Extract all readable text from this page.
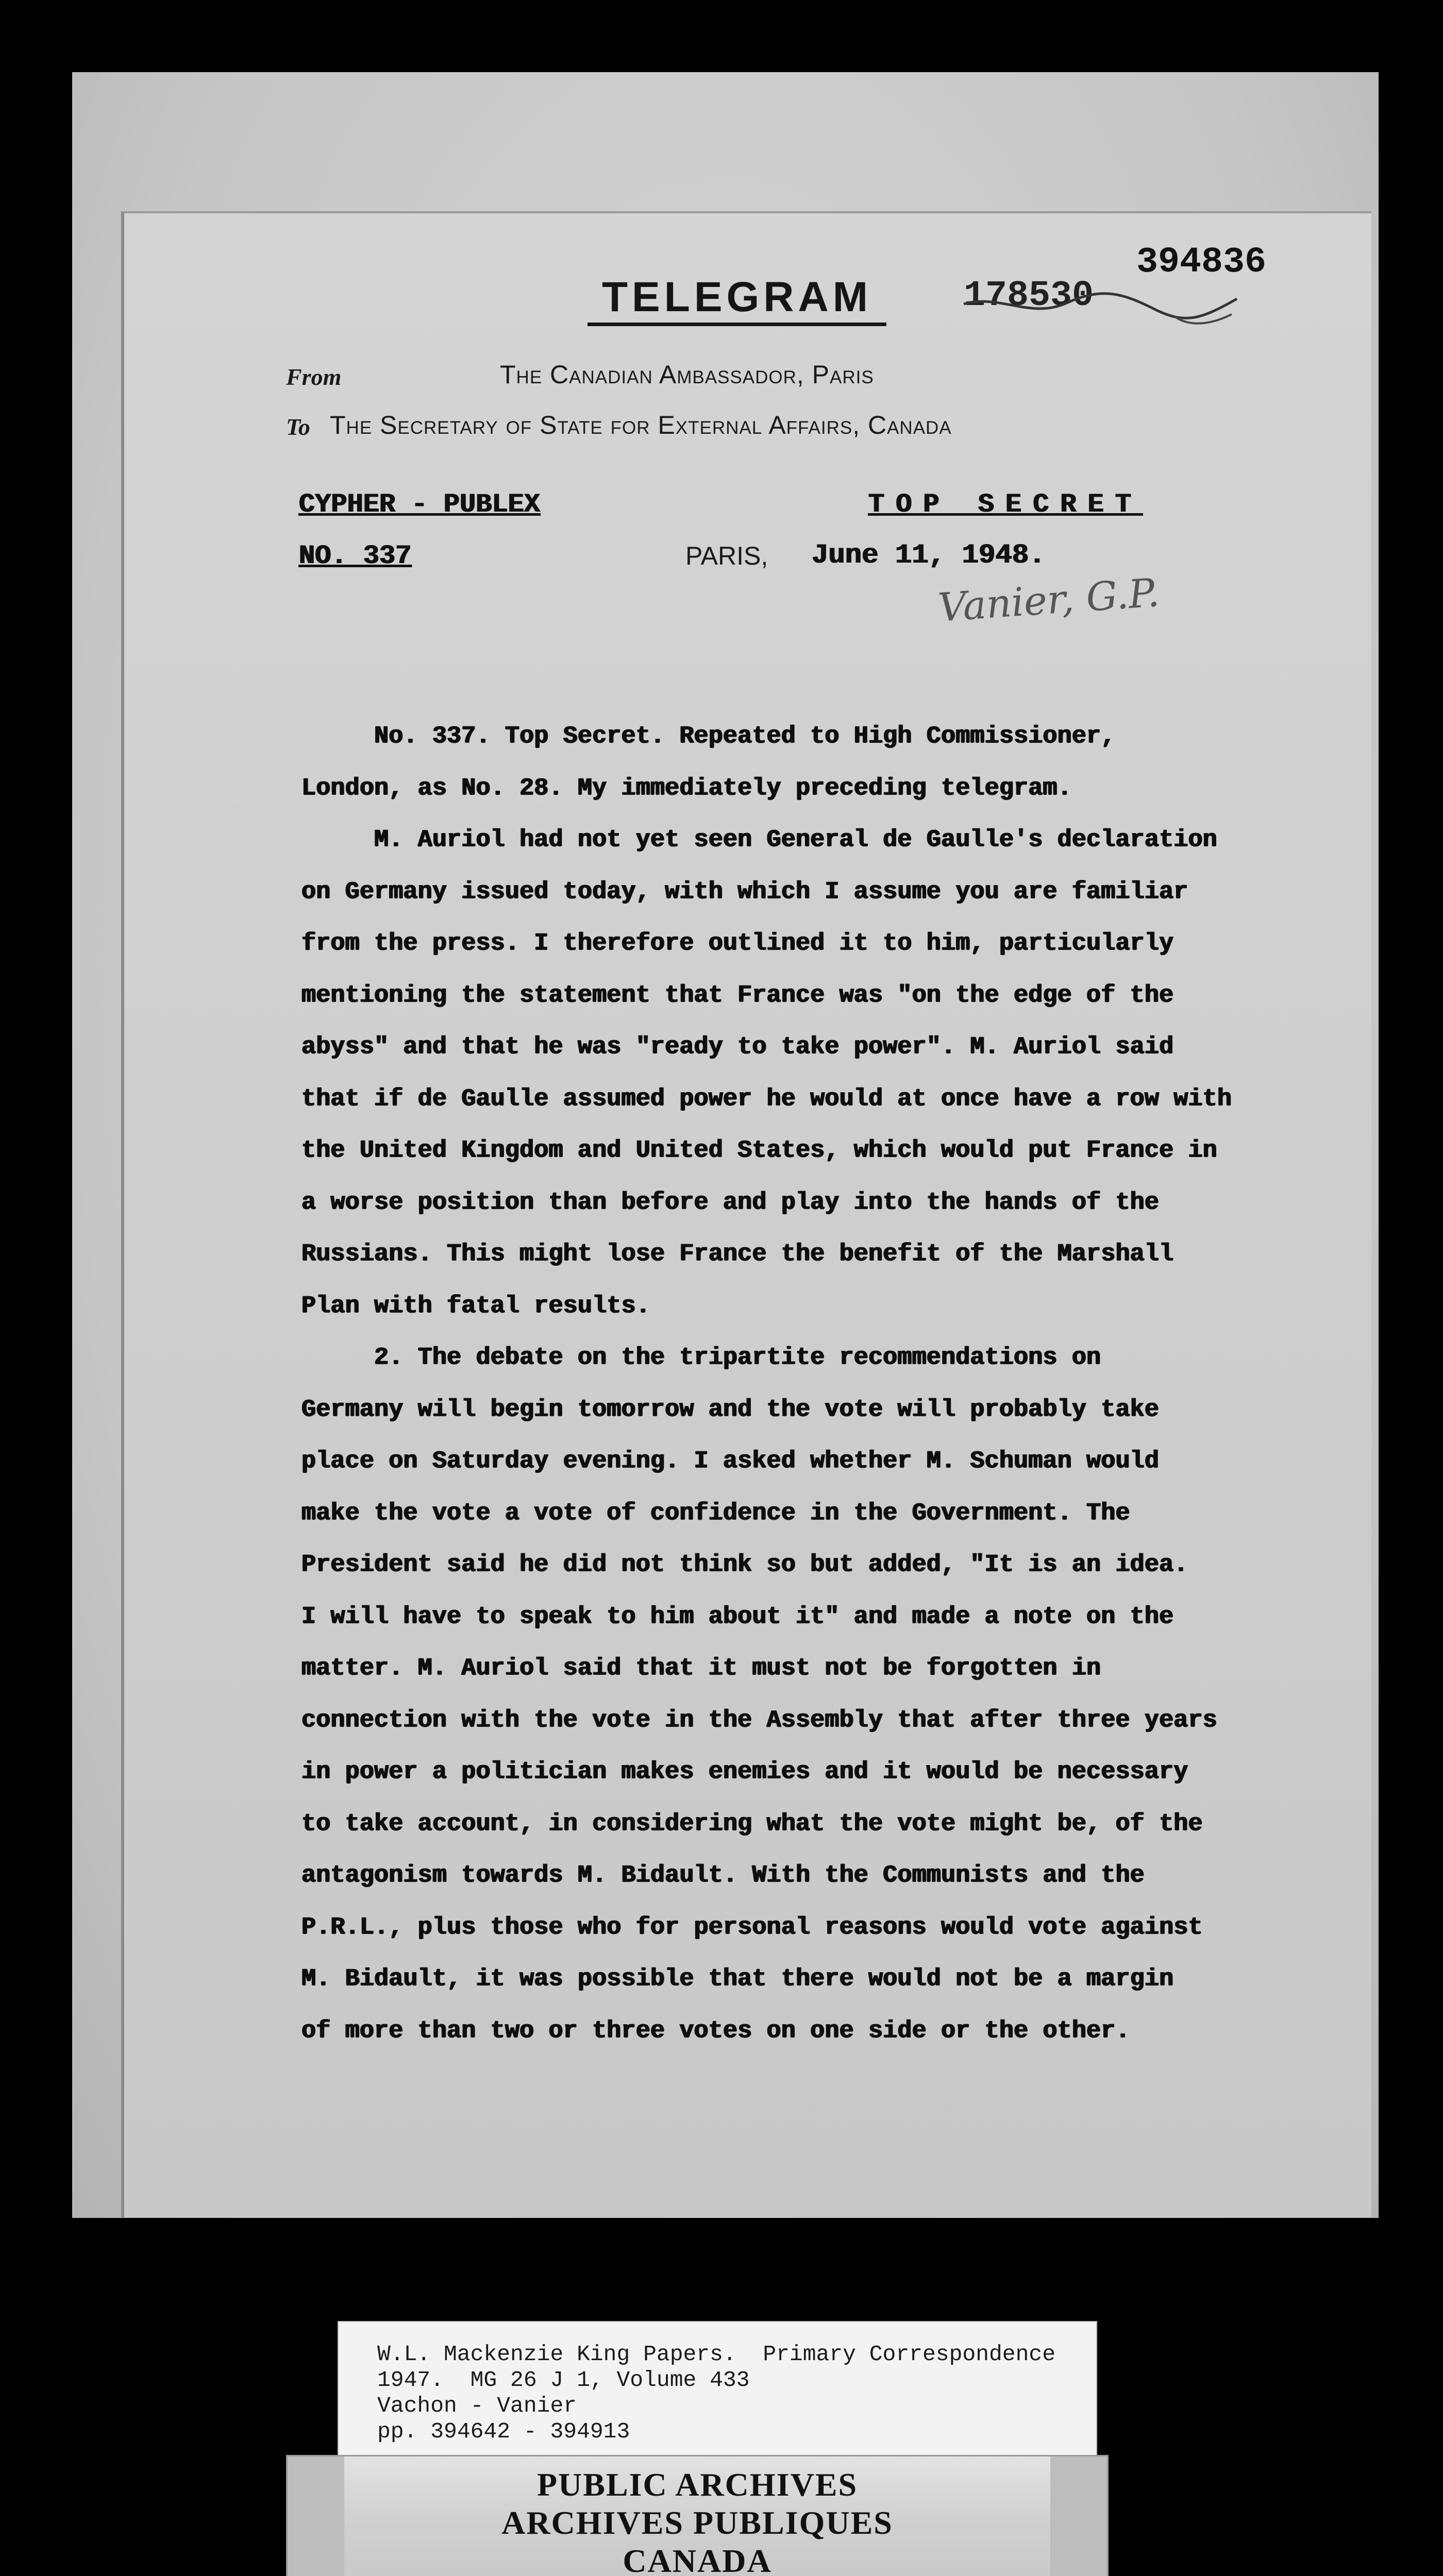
TELEGRAM	178530
394836
From	The Canadian Ambassador, Paris
To The Secretary of State for External Affairs, Canada
CYPHER - PUBLEX	TOP SECRET
NO. 337	PARIS, June 11, 1948.
Vanier, G.P.

No. 337. Top Secret. Repeated to High Commissioner,

London, as No. 28. My immediately preceding telegram.

M. Auriol had not yet seen General de Gaulle's declaration

on Germany issued today, with which I assume you are familiar

from the press. I therefore outlined it to him, particularly

mentioning the statement that France was "on the edge of the

abyss" and that he was "ready to take power". M. Auriol said

that if de Gaulle assumed power he would at once have a row with

the United Kingdom and United States, which would put France in

a worse position than before and play into the hands of the

Russians. This might lose France the benefit of the Marshall

Plan with fatal results.

2. The debate on the tripartite recommendations on

Germany will begin tomorrow and the vote will probably take

place on Saturday evening. I asked whether M. Schuman would

make the vote a vote of confidence in the Government. The

President said he did not think so but added, "It is an idea.

I will have to speak to him about it" and made a note on the

matter. M. Auriol said that it must not be forgotten in

connection with the vote in the Assembly that after three years

in power a politician makes enemies and it would be necessary

to take account, in considering what the vote might be, of the

antagonism towards M. Bidault. With the Communists and the

P.R.L., plus those who for personal reasons would vote against

M. Bidault, it was possible that there would not be a margin

of more than two or three votes on one side or the other.

W.L. Mackenzie King Papers.  Primary Correspondence
1947.  MG 26 J 1, Volume 433
Vachon - Vanier
pp. 394642 - 394913
PUBLIC ARCHIVES
ARCHIVES PUBLIQUES
CANADA
